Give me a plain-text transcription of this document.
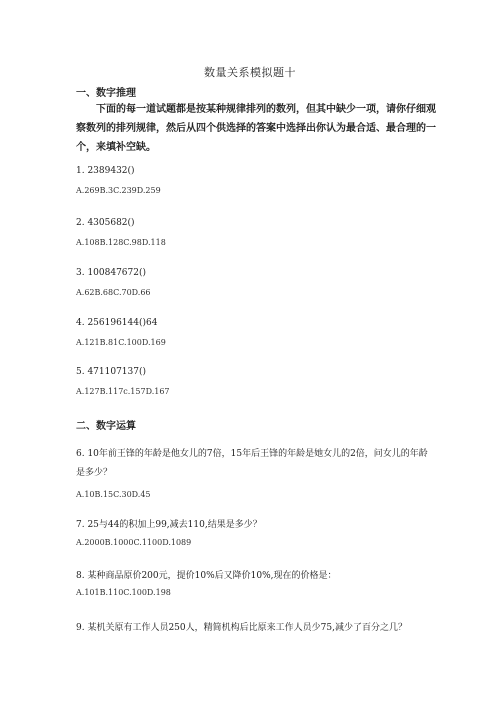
数量关系模拟题十
一、数字推理
下面的每一道试题都是按某种规律排列的数列，但其中缺少一项，请你仔细观察数列的排列规律，然后从四个供选择的答案中选择出你认为最合适、最合理的一个，来填补空缺。
1. 2389432()
A.269B.3C.239D.259
2. 4305682()
A.108B.128C.98D.118
3. 100847672()
A.62B.68C.70D.66
4. 256196144()64
A.121B.81C.100D.169
5. 471107137()
A.127B.117c.157D.167
二、数字运算
6. 10年前王锋的年龄是他女儿的7倍，15年后王锋的年龄是她女儿的2倍，问女儿的年龄是多少？
A.10B.15C.30D.45
7. 25与44的积加上99,减去110,结果是多少？
A.2000B.1000C.1100D.1089
8. 某种商品原价200元，提价10%后又降价10%,现在的价格是：
A.101B.110C.100D.198
9. 某机关原有工作人员250人，精简机构后比原来工作人员少75,减少了百分之几？
